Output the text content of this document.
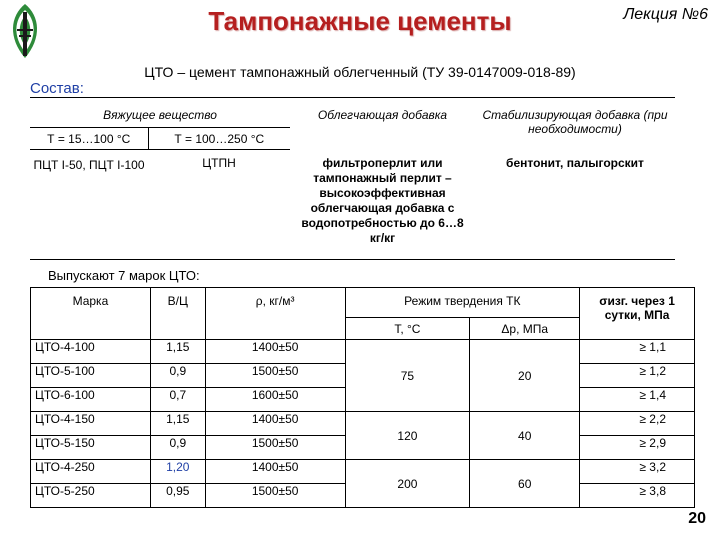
Тампонажные цементы	Лекция №6
ЦТО – цемент тампонажный облегченный (ТУ 39-0147009-018-89)
Состав:
Вяжущее вещество		Облегчающая добавка	Стабилизирующая добавка (при необходимости)
Т = 15…100 °С	Т = 100…250 °С		
ПЦТ I-50, ПЦТ I-100	ЦТПН	фильтроперлит или тампонажный перлит – высокоэффективная облегчающая добавка с водопотребностью до 6…8 кг/кг	бентонит, палыгорскит
Выпускают 7 марок ЦТО:
Марка	В/Ц	ρ, кг/м³	Режим твердения ТК		σизг. через 1 сутки, МПа
			Т, °С	Δр, МПа	
ЦТО-4-100	1,15	1400±50	75	20	≥ 1,1
ЦТО-5-100	0,9	1500±50			≥ 1,2
ЦТО-6-100	0,7	1600±50			≥ 1,4
ЦТО-4-150	1,15	1400±50	120	40	≥ 2,2
ЦТО-5-150	0,9	1500±50			≥ 2,9
ЦТО-4-250	1,20	1400±50	200	60	≥ 3,2
ЦТО-5-250	0,95	1500±50			≥ 3,8
20
